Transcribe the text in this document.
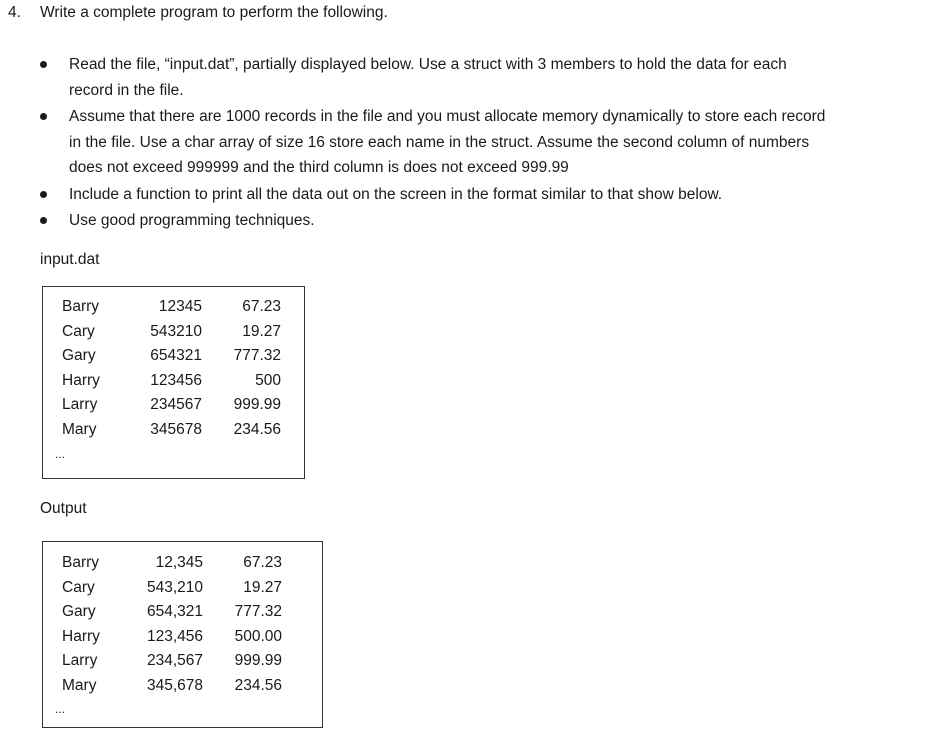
4. Write a complete program to perform the following.
Read the file, “input.dat”, partially displayed below. Use a struct with 3 members to hold the data for each
record in the file.
Assume that there are 1000 records in the file and you must allocate memory dynamically to store each record
in the file. Use a char array of size 16 store each name in the struct. Assume the second column of numbers
does not exceed 999999 and the third column is does not exceed 999.99
Include a function to print all the data out on the screen in the format similar to that show below.
Use good programming techniques.
input.dat
Barry	12345	67.23
Cary	543210	19.27
Gary	654321 777.32
Harry	123456	500
Larry	234567 999.99
Mary	345678 234.56
...
Output
Barry	12,345	67.23
Cary	543,210	19.27
Gary	654,321 777.32
Harry	123,456 500.00
Larry	234,567 999.99
Mary	345,678 234.56
...
